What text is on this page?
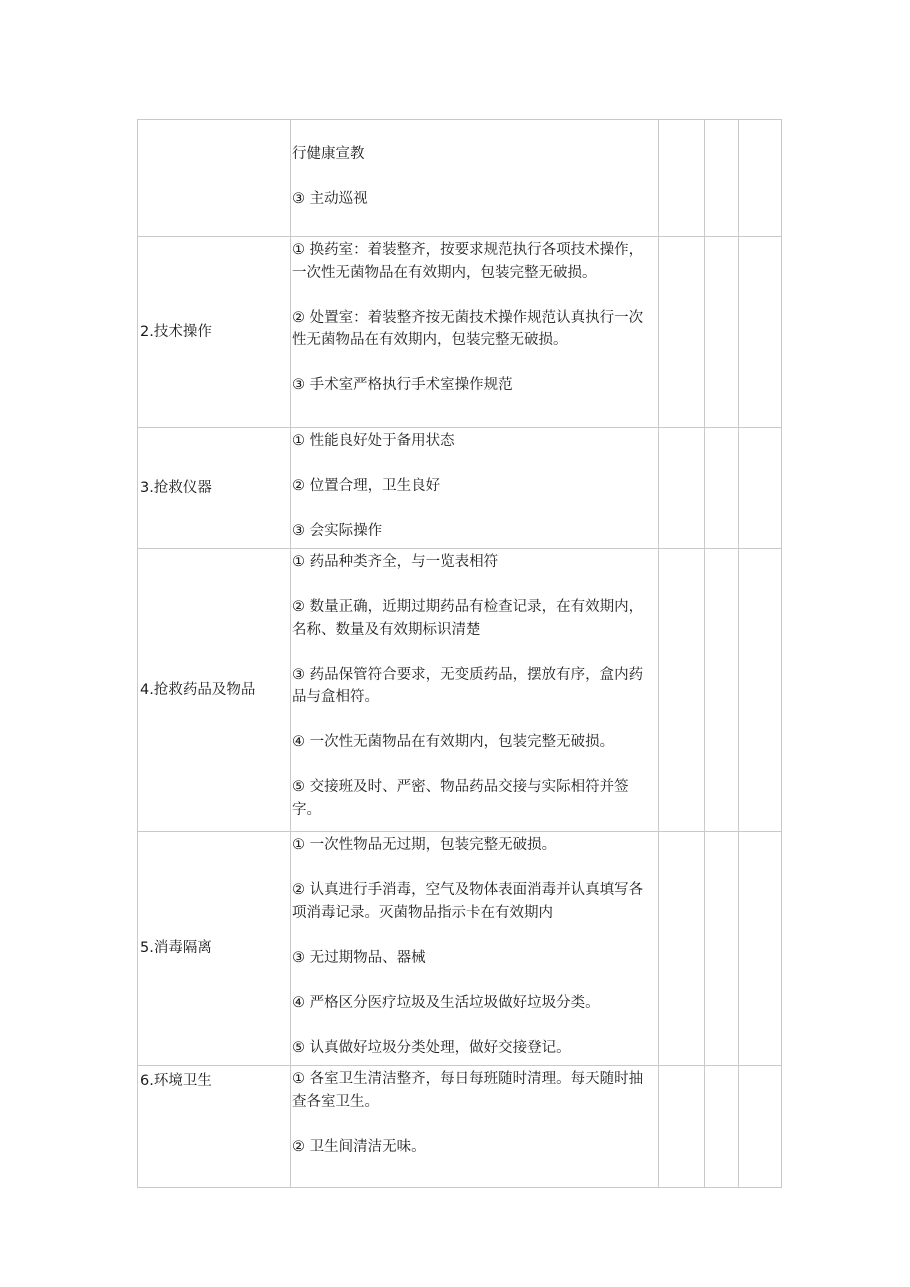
	行健康宣教

③ 主动巡视			

2.技术操作	① 换药室：着装整齐，按要求规范执行各项技术操作，一次性无菌物品在有效期内，包装完整无破损。

② 处置室：着装整齐按无菌技术操作规范认真执行一次性无菌物品在有效期内，包装完整无破损。

③ 手术室严格执行手术室操作规范			

3.抢救仪器	① 性能良好处于备用状态

② 位置合理，卫生良好

③ 会实际操作			

4.抢救药品及物品	① 药品种类齐全，与一览表相符

② 数量正确，近期过期药品有检查记录，在有效期内，名称、数量及有效期标识清楚

③ 药品保管符合要求，无变质药品，摆放有序，盒内药品与盒相符。

④ 一次性无菌物品在有效期内，包装完整无破损。

⑤ 交接班及时、严密、物品药品交接与实际相符并签字。			

5.消毒隔离	① 一次性物品无过期，包装完整无破损。

② 认真进行手消毒，空气及物体表面消毒并认真填写各项消毒记录。灭菌物品指示卡在有效期内

③ 无过期物品、器械

④ 严格区分医疗垃圾及生活垃圾做好垃圾分类。

⑤ 认真做好垃圾分类处理，做好交接登记。			

6.环境卫生	① 各室卫生清洁整齐，每日每班随时清理。每天随时抽查各室卫生。

② 卫生间清洁无味。			
